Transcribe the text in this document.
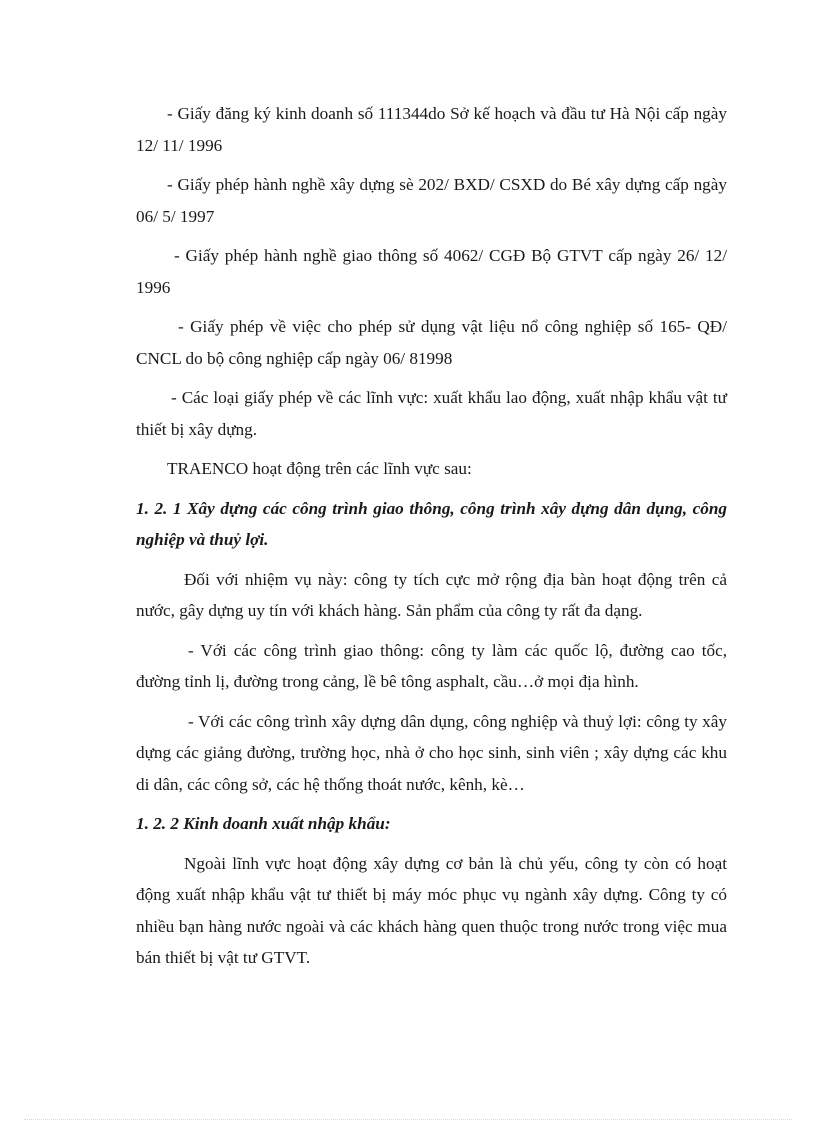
- Giấy đăng ký kinh doanh số 111344do Sở kế hoạch và đầu tư Hà Nội cấp ngày 12/ 11/ 1996

- Giấy phép hành nghề xây dựng sè 202/ BXD/ CSXD do Bé xây dựng cấp ngày 06/ 5/ 1997

- Giấy phép hành nghề giao thông số 4062/ CGĐ Bộ GTVT cấp ngày 26/ 12/ 1996

- Giấy phép về việc cho phép sử dụng vật liệu nổ công nghiệp số 165- QĐ/ CNCL do bộ công nghiệp cấp ngày 06/ 81998

- Các loại giấy phép về các lĩnh vực: xuất khẩu lao động, xuất nhập khẩu vật tư thiết bị xây dựng.

TRAENCO hoạt động trên các lĩnh vực sau:

1. 2. 1 Xây dựng các công trình giao thông, công trình xây dựng dân dụng, công nghiệp và thuỷ lợi.

Đối với nhiệm vụ này: công ty tích cực mở rộng địa bàn hoạt động trên cả nước, gây dựng uy tín với khách hàng. Sản phẩm của công ty rất đa dạng.

- Với các công trình giao thông: công ty làm các quốc lộ, đường cao tốc, đường tỉnh lị, đường trong cảng, lề bê tông asphalt, cầu…ở mọi địa hình.

- Với các công trình xây dựng dân dụng, công nghiệp và thuỷ lợi: công ty xây dựng các giảng đường, trường học, nhà ở cho học sinh, sinh viên ; xây dựng các khu di dân, các công sở, các hệ thống thoát nước, kênh, kè…

1. 2. 2 Kinh doanh xuất nhập khẩu:

Ngoài lĩnh vực hoạt động xây dựng cơ bản là chủ yếu, công ty còn có hoạt động xuất nhập khẩu vật tư thiết bị máy móc phục vụ ngành xây dựng. Công ty có nhiều bạn hàng nước ngoài và các khách hàng quen thuộc trong nước trong việc mua bán thiết bị vật tư GTVT.
